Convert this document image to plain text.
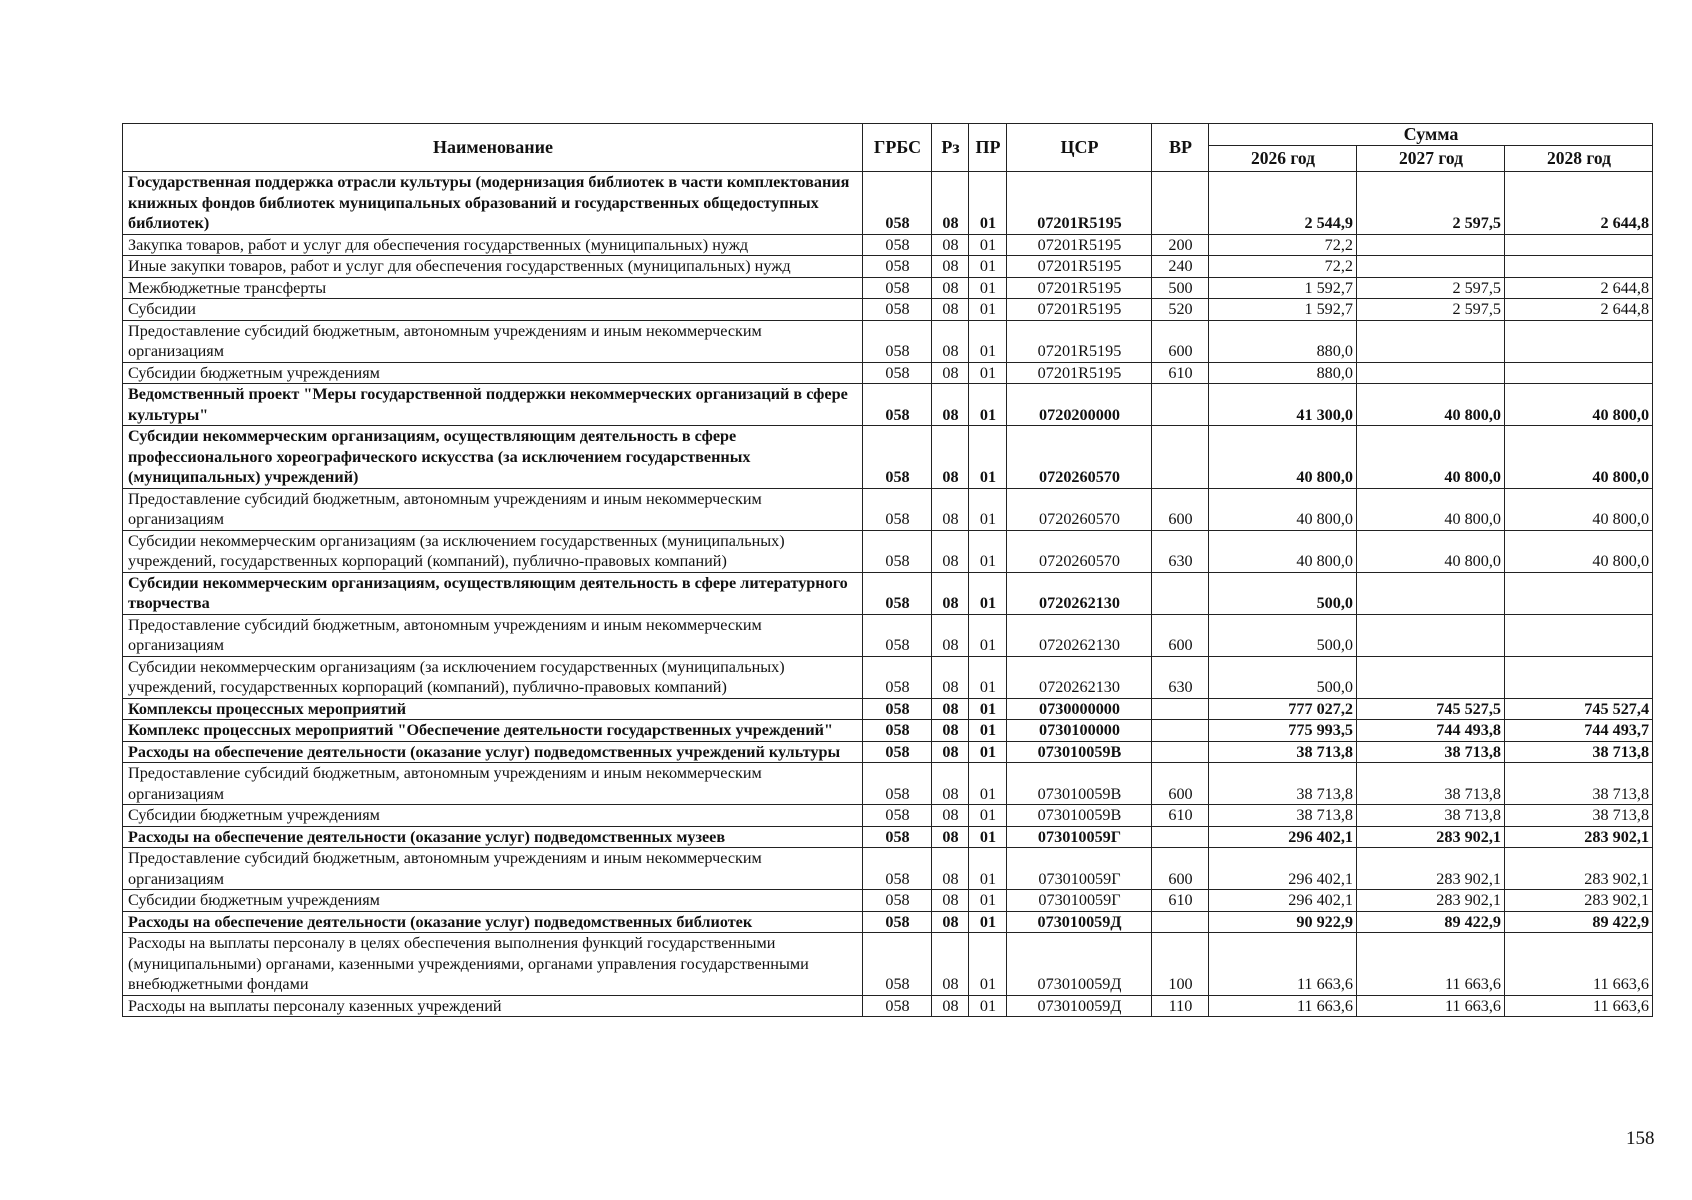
Наименование	ГРБС	Рз	ПР	ЦСР	ВР	Сумма		
						2026 год	2027 год	2028 год
Государственная поддержка отрасли культуры (модернизация библиотек в части комплектования книжных фондов библиотек муниципальных образований и государственных общедоступных библиотек)	058	08	01	07201R5195		2 544,9	2 597,5	2 644,8
Закупка товаров, работ и услуг для обеспечения государственных (муниципальных) нужд	058	08	01	07201R5195	200	72,2		
Иные закупки товаров, работ и услуг для обеспечения государственных (муниципальных) нужд	058	08	01	07201R5195	240	72,2		
Межбюджетные трансферты	058	08	01	07201R5195	500	1 592,7	2 597,5	2 644,8
Субсидии	058	08	01	07201R5195	520	1 592,7	2 597,5	2 644,8
Предоставление субсидий бюджетным, автономным учреждениям и иным некоммерческим организациям	058	08	01	07201R5195	600	880,0		
Субсидии бюджетным учреждениям	058	08	01	07201R5195	610	880,0		
Ведомственный проект "Меры государственной поддержки некоммерческих организаций в сфере культуры"	058	08	01	0720200000		41 300,0	40 800,0	40 800,0
Субсидии некоммерческим организациям, осуществляющим деятельность в сфере профессионального хореографического искусства (за исключением государственных (муниципальных) учреждений)	058	08	01	0720260570		40 800,0	40 800,0	40 800,0
Предоставление субсидий бюджетным, автономным учреждениям и иным некоммерческим организациям	058	08	01	0720260570	600	40 800,0	40 800,0	40 800,0
Субсидии некоммерческим организациям (за исключением государственных (муниципальных) учреждений, государственных корпораций (компаний), публично-правовых компаний)	058	08	01	0720260570	630	40 800,0	40 800,0	40 800,0
Субсидии некоммерческим организациям, осуществляющим деятельность в сфере литературного творчества	058	08	01	0720262130		500,0		
Предоставление субсидий бюджетным, автономным учреждениям и иным некоммерческим организациям	058	08	01	0720262130	600	500,0		
Субсидии некоммерческим организациям (за исключением государственных (муниципальных) учреждений, государственных корпораций (компаний), публично-правовых компаний)	058	08	01	0720262130	630	500,0		
Комплексы процессных мероприятий	058	08	01	0730000000		777 027,2	745 527,5	745 527,4
Комплекс процессных мероприятий "Обеспечение деятельности государственных учреждений"	058	08	01	0730100000		775 993,5	744 493,8	744 493,7
Расходы на обеспечение деятельности (оказание услуг) подведомственных учреждений культуры	058	08	01	073010059В		38 713,8	38 713,8	38 713,8
Предоставление субсидий бюджетным, автономным учреждениям и иным некоммерческим организациям	058	08	01	073010059В	600	38 713,8	38 713,8	38 713,8
Субсидии бюджетным учреждениям	058	08	01	073010059В	610	38 713,8	38 713,8	38 713,8
Расходы на обеспечение деятельности (оказание услуг) подведомственных музеев	058	08	01	073010059Г		296 402,1	283 902,1	283 902,1
Предоставление субсидий бюджетным, автономным учреждениям и иным некоммерческим организациям	058	08	01	073010059Г	600	296 402,1	283 902,1	283 902,1
Субсидии бюджетным учреждениям	058	08	01	073010059Г	610	296 402,1	283 902,1	283 902,1
Расходы на обеспечение деятельности (оказание услуг) подведомственных библиотек	058	08	01	073010059Д		90 922,9	89 422,9	89 422,9
Расходы на выплаты персоналу в целях обеспечения выполнения функций государственными (муниципальными) органами, казенными учреждениями, органами управления государственными внебюджетными фондами	058	08	01	073010059Д	100	11 663,6	11 663,6	11 663,6
Расходы на выплаты персоналу казенных учреждений	058	08	01	073010059Д	110	11 663,6	11 663,6	11 663,6
158
